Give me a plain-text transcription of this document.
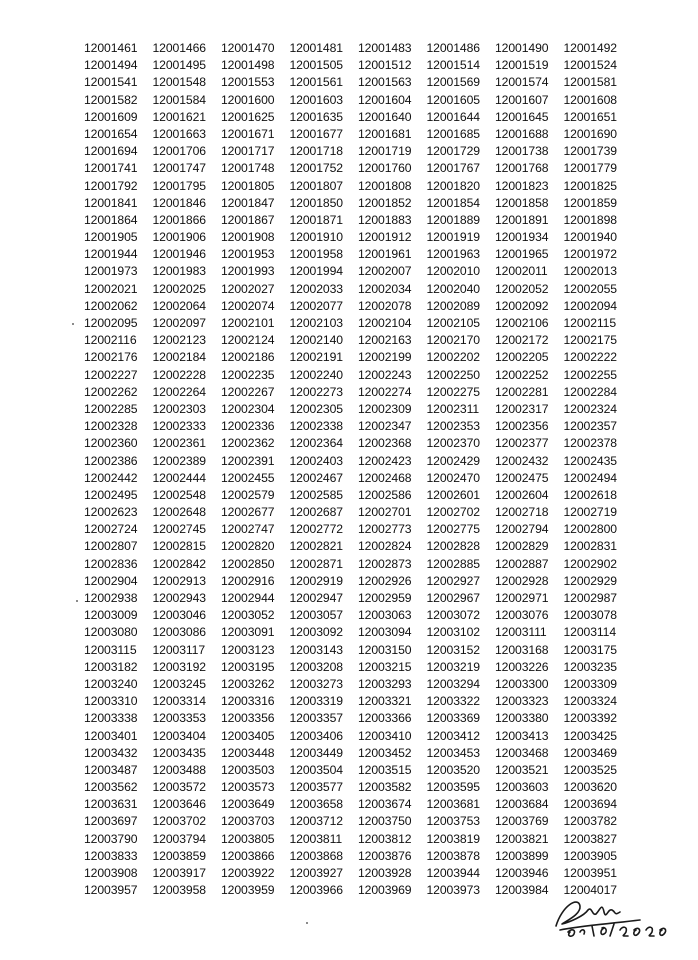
12001461	12001466	12001470	12001481	12001483	12001486	12001490	12001492
12001494	12001495	12001498	12001505	12001512	12001514	12001519	12001524
12001541	12001548	12001553	12001561	12001563	12001569	12001574	12001581
12001582	12001584	12001600	12001603	12001604	12001605	12001607	12001608
12001609	12001621	12001625	12001635	12001640	12001644	12001645	12001651
12001654	12001663	12001671	12001677	12001681	12001685	12001688	12001690
12001694	12001706	12001717	12001718	12001719	12001729	12001738	12001739
12001741	12001747	12001748	12001752	12001760	12001767	12001768	12001779
12001792	12001795	12001805	12001807	12001808	12001820	12001823	12001825
12001841	12001846	12001847	12001850	12001852	12001854	12001858	12001859
12001864	12001866	12001867	12001871	12001883	12001889	12001891	12001898
12001905	12001906	12001908	12001910	12001912	12001919	12001934	12001940
12001944	12001946	12001953	12001958	12001961	12001963	12001965	12001972
12001973	12001983	12001993	12001994	12002007	12002010	12002011	12002013
12002021	12002025	12002027	12002033	12002034	12002040	12002052	12002055
12002062	12002064	12002074	12002077	12002078	12002089	12002092	12002094
12002095	12002097	12002101	12002103	12002104	12002105	12002106	12002115
12002116	12002123	12002124	12002140	12002163	12002170	12002172	12002175
12002176	12002184	12002186	12002191	12002199	12002202	12002205	12002222
12002227	12002228	12002235	12002240	12002243	12002250	12002252	12002255
12002262	12002264	12002267	12002273	12002274	12002275	12002281	12002284
12002285	12002303	12002304	12002305	12002309	12002311	12002317	12002324
12002328	12002333	12002336	12002338	12002347	12002353	12002356	12002357
12002360	12002361	12002362	12002364	12002368	12002370	12002377	12002378
12002386	12002389	12002391	12002403	12002423	12002429	12002432	12002435
12002442	12002444	12002455	12002467	12002468	12002470	12002475	12002494
12002495	12002548	12002579	12002585	12002586	12002601	12002604	12002618
12002623	12002648	12002677	12002687	12002701	12002702	12002718	12002719
12002724	12002745	12002747	12002772	12002773	12002775	12002794	12002800
12002807	12002815	12002820	12002821	12002824	12002828	12002829	12002831
12002836	12002842	12002850	12002871	12002873	12002885	12002887	12002902
12002904	12002913	12002916	12002919	12002926	12002927	12002928	12002929
12002938	12002943	12002944	12002947	12002959	12002967	12002971	12002987
12003009	12003046	12003052	12003057	12003063	12003072	12003076	12003078
12003080	12003086	12003091	12003092	12003094	12003102	12003111	12003114
12003115	12003117	12003123	12003143	12003150	12003152	12003168	12003175
12003182	12003192	12003195	12003208	12003215	12003219	12003226	12003235
12003240	12003245	12003262	12003273	12003293	12003294	12003300	12003309
12003310	12003314	12003316	12003319	12003321	12003322	12003323	12003324
12003338	12003353	12003356	12003357	12003366	12003369	12003380	12003392
12003401	12003404	12003405	12003406	12003410	12003412	12003413	12003425
12003432	12003435	12003448	12003449	12003452	12003453	12003468	12003469
12003487	12003488	12003503	12003504	12003515	12003520	12003521	12003525
12003562	12003572	12003573	12003577	12003582	12003595	12003603	12003620
12003631	12003646	12003649	12003658	12003674	12003681	12003684	12003694
12003697	12003702	12003703	12003712	12003750	12003753	12003769	12003782
12003790	12003794	12003805	12003811	12003812	12003819	12003821	12003827
12003833	12003859	12003866	12003868	12003876	12003878	12003899	12003905
12003908	12003917	12003922	12003927	12003928	12003944	12003946	12003951
12003957	12003958	12003959	12003966	12003969	12003973	12003984	12004017
